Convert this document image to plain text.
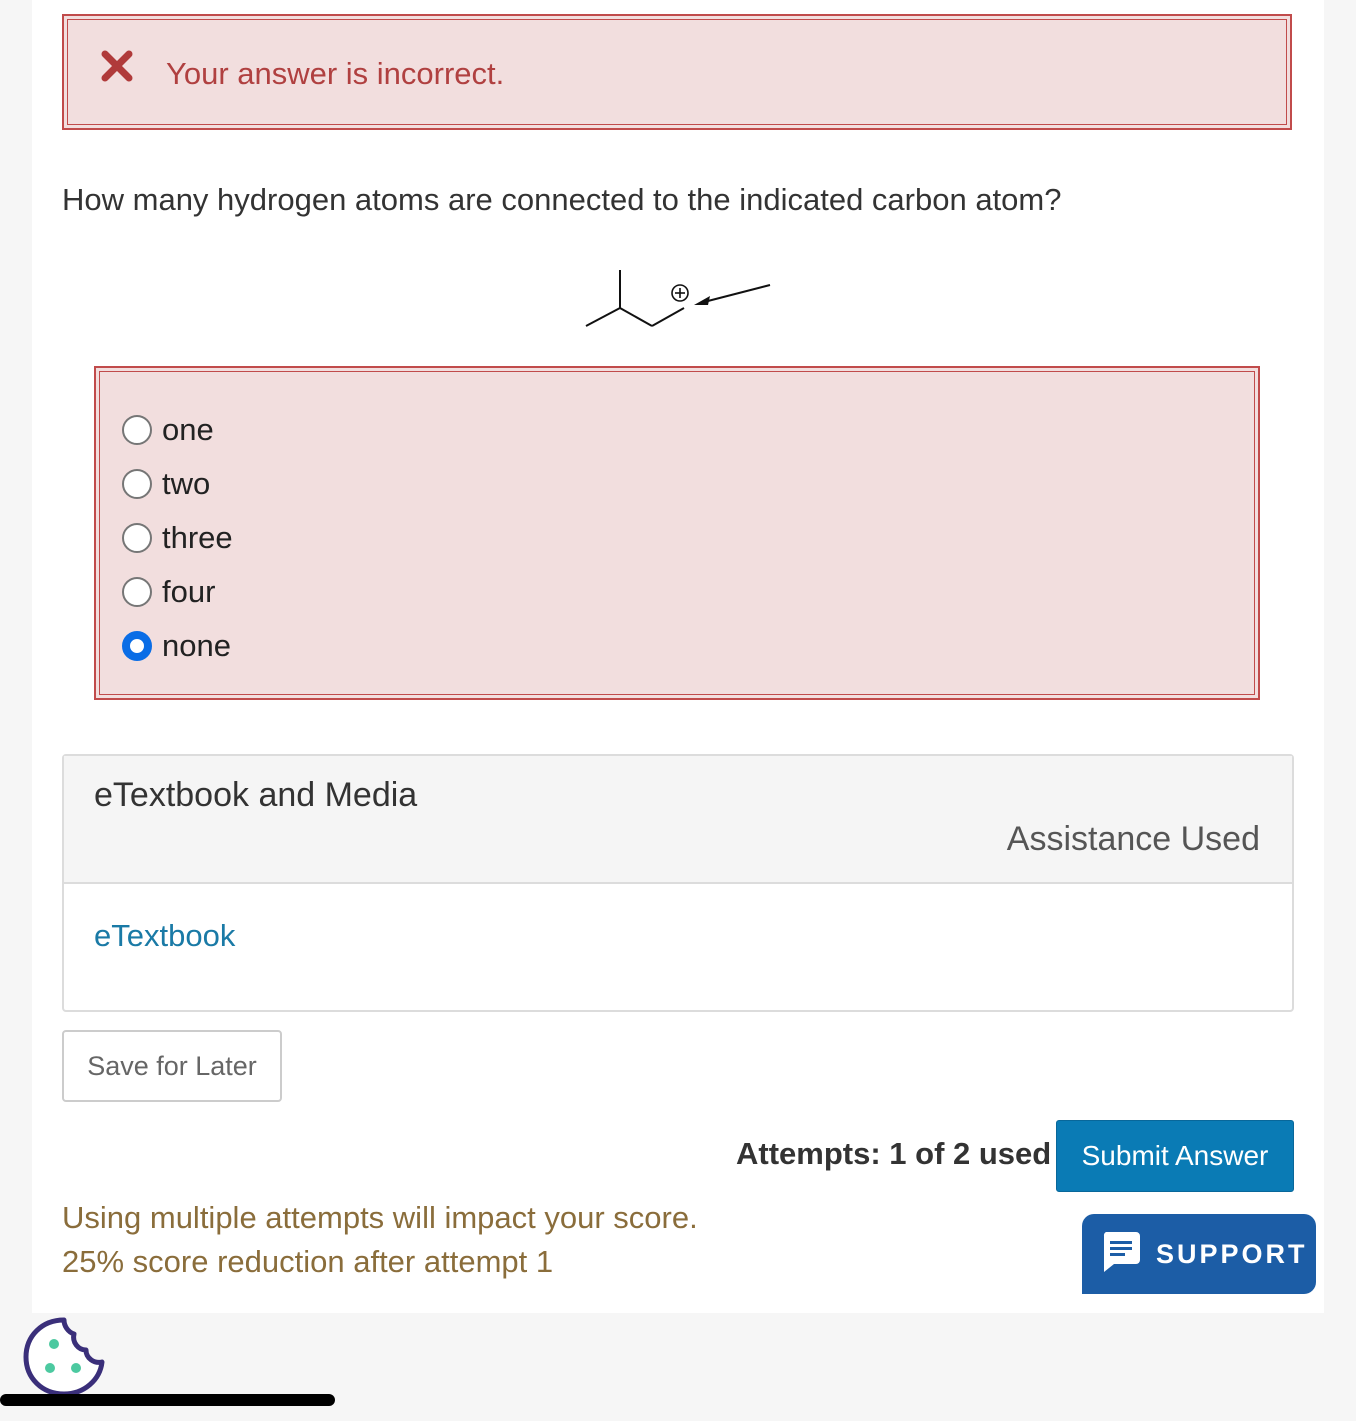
Your answer is incorrect.
How many hydrogen atoms are connected to the indicated carbon atom?
one
two
three
four
none
eTextbook and Media
Assistance Used
eTextbook
Save for Later
Attempts: 1 of 2 used	Submit Answer
Using multiple attempts will impact your score.
25% score reduction after attempt 1	SUPPORT
